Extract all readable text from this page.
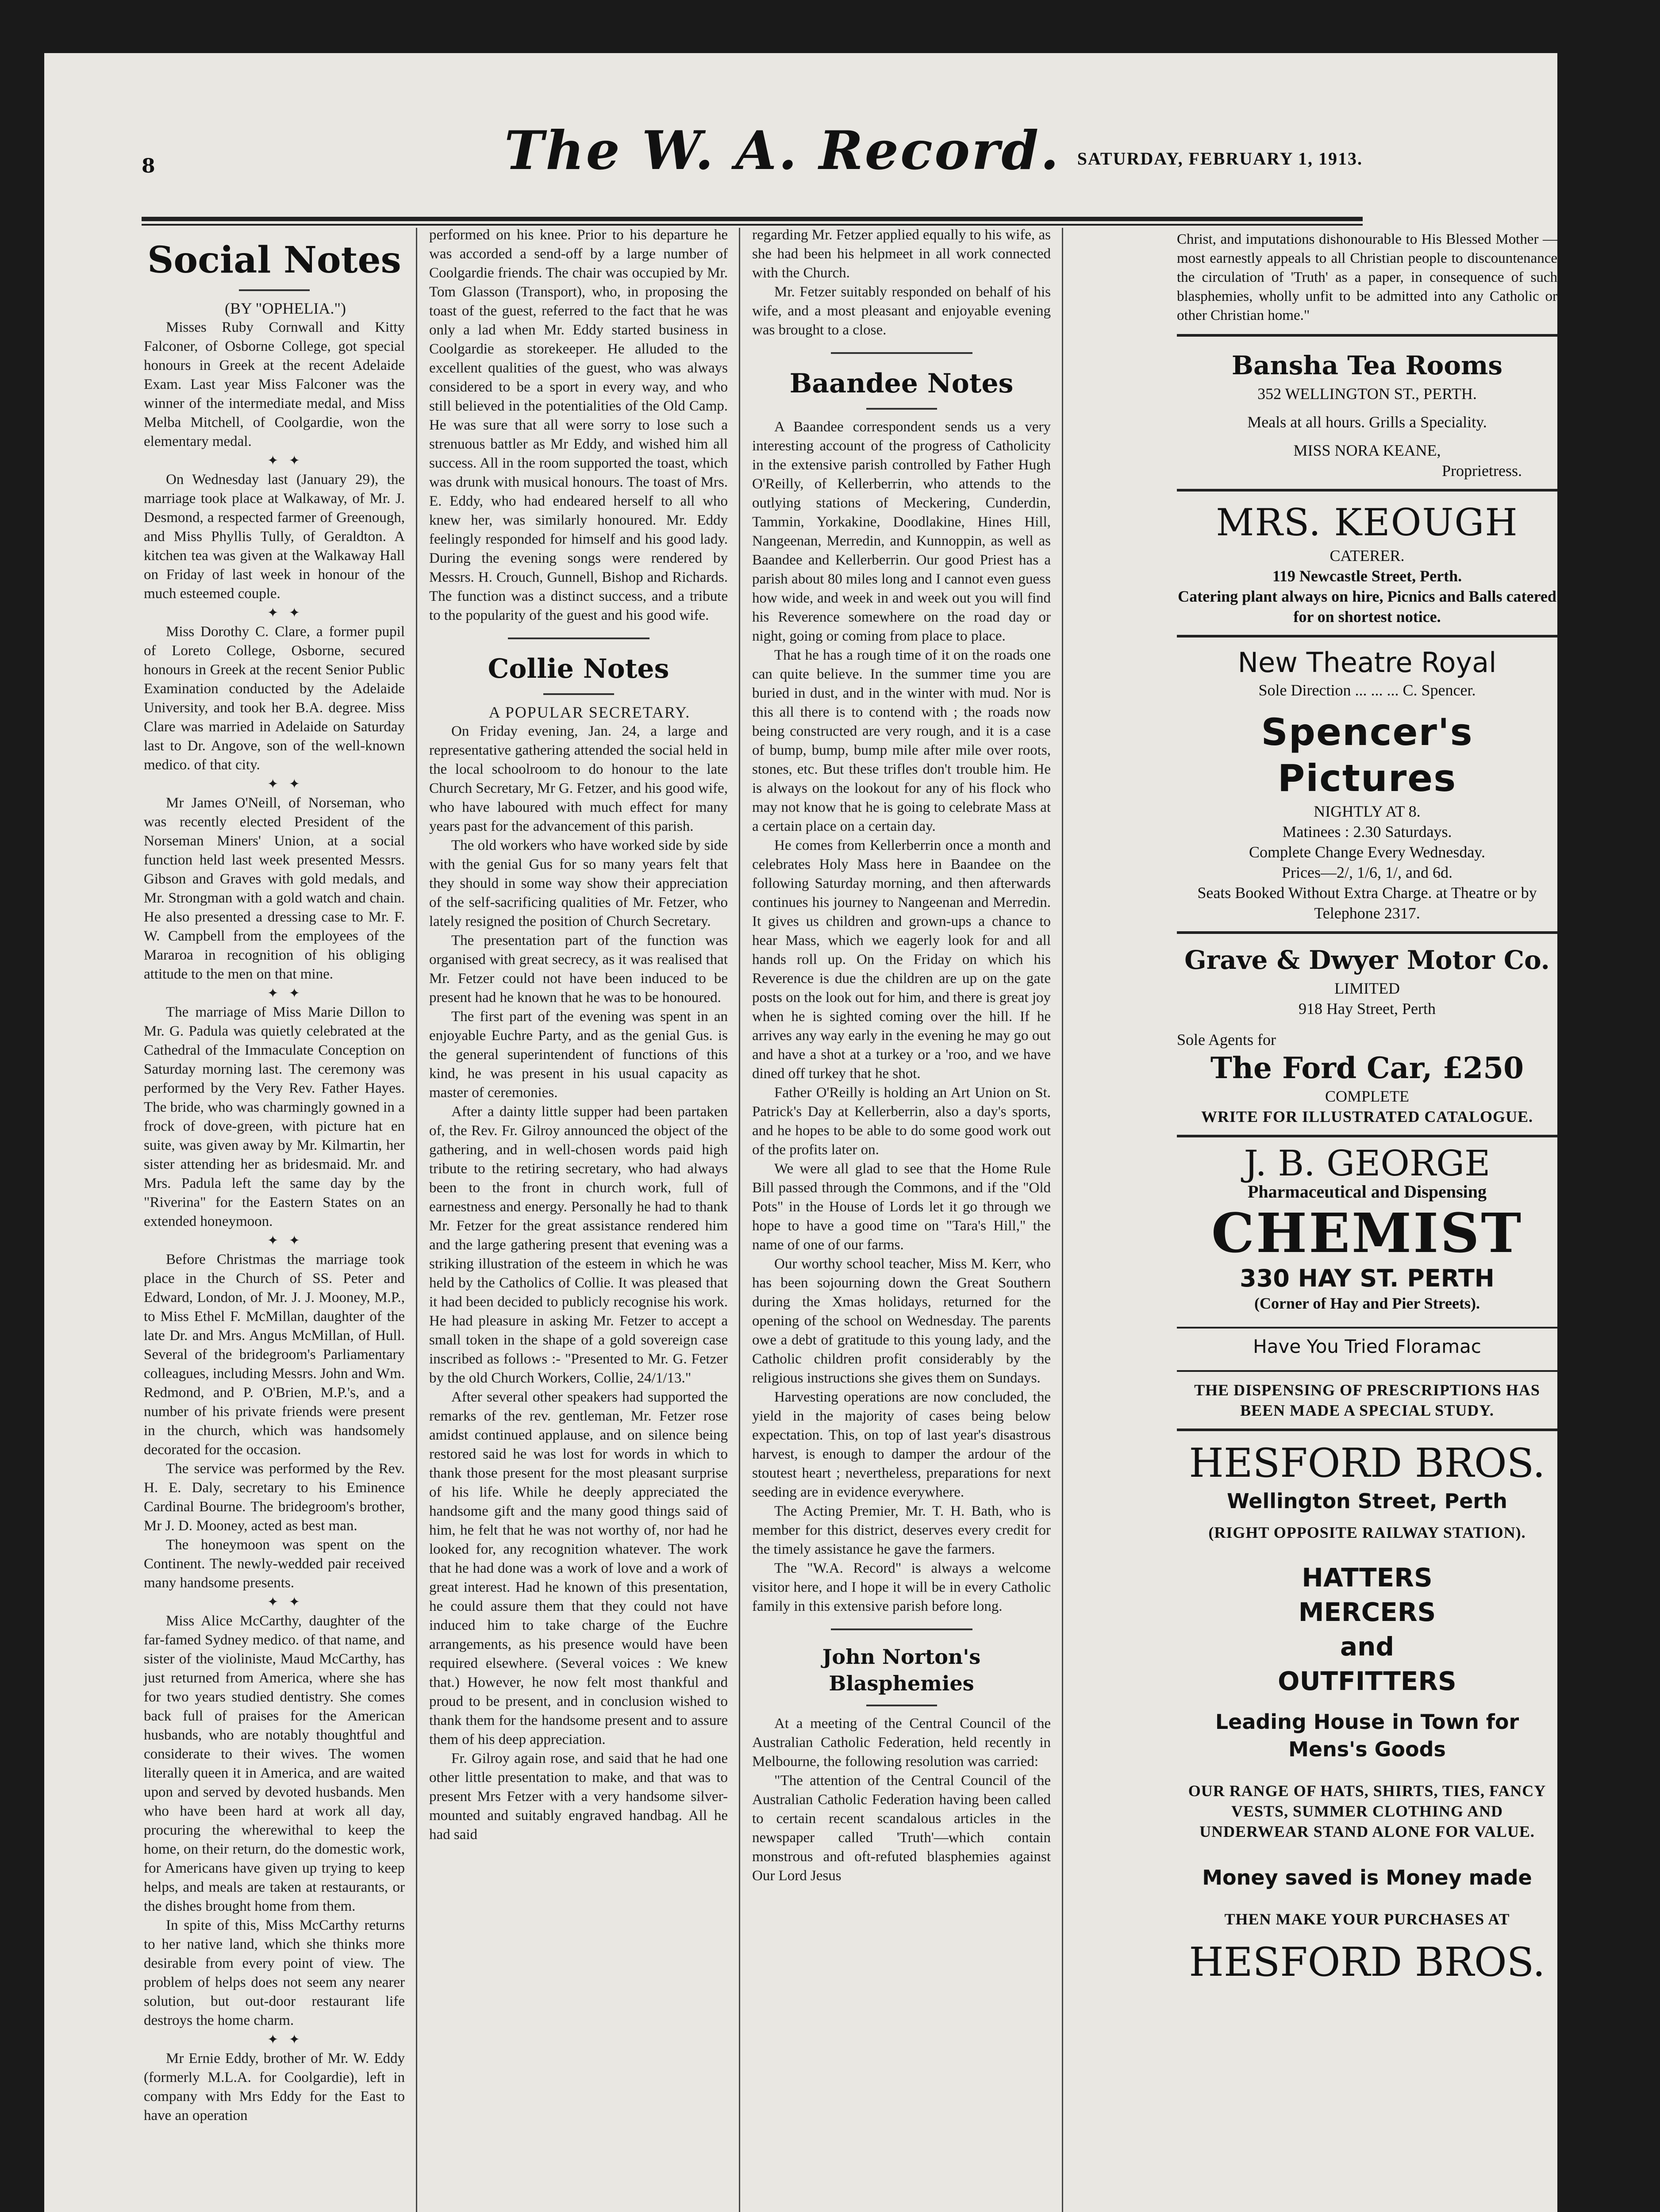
8	The W. A. Record. SATURDAY, FEBRUARY 1, 1913.
Social Notes

(BY "OPHELIA.")

Misses Ruby Cornwall and Kitty Falconer, of Osborne College, got special honours in Greek at the recent Adelaide Exam. Last year Miss Falconer was the winner of the intermediate medal, and Miss Melba Mitchell, of Coolgardie, won the elementary medal.

✦ ✦

On Wednesday last (January 29), the marriage took place at Walkaway, of Mr. J. Desmond, a respected farmer of Greenough, and Miss Phyllis Tully, of Geraldton. A kitchen tea was given at the Walkaway Hall on Friday of last week in honour of the much esteemed couple.

✦ ✦

Miss Dorothy C. Clare, a former pupil of Loreto College, Osborne, secured honours in Greek at the recent Senior Public Examination conducted by the Adelaide University, and took her B.A. degree. Miss Clare was married in Adelaide on Saturday last to Dr. Angove, son of the well-known medico. of that city.

✦ ✦

Mr James O'Neill, of Norseman, who was recently elected President of the Norseman Miners' Union, at a social function held last week presented Messrs. Gibson and Graves with gold medals, and Mr. Strongman with a gold watch and chain. He also presented a dressing case to Mr. F. W. Campbell from the employees of the Mararoa in recognition of his obliging attitude to the men on that mine.

✦ ✦

The marriage of Miss Marie Dillon to Mr. G. Padula was quietly celebrated at the Cathedral of the Immaculate Conception on Saturday morning last. The ceremony was performed by the Very Rev. Father Hayes. The bride, who was charmingly gowned in a frock of dove-green, with picture hat en suite, was given away by Mr. Kilmartin, her sister attending her as bridesmaid. Mr. and Mrs. Padula left the same day by the "Riverina" for the Eastern States on an extended honeymoon.

✦ ✦

Before Christmas the marriage took place in the Church of SS. Peter and Edward, London, of Mr. J. J. Mooney, M.P., to Miss Ethel F. McMillan, daughter of the late Dr. and Mrs. Angus McMillan, of Hull. Several of the bridegroom's Parliamentary colleagues, including Messrs. John and Wm. Redmond, and P. O'Brien, M.P.'s, and a number of his private friends were present in the church, which was handsomely decorated for the occasion.

The service was performed by the Rev. H. E. Daly, secretary to his Eminence Cardinal Bourne. The bridegroom's brother, Mr J. D. Mooney, acted as best man.

The honeymoon was spent on the Continent. The newly-wedded pair received many handsome presents.

✦ ✦

Miss Alice McCarthy, daughter of the far-famed Sydney medico. of that name, and sister of the violiniste, Maud McCarthy, has just returned from America, where she has for two years studied dentistry. She comes back full of praises for the American husbands, who are notably thoughtful and considerate to their wives. The women literally queen it in America, and are waited upon and served by devoted husbands. Men who have been hard at work all day, procuring the wherewithal to keep the home, on their return, do the domestic work, for Americans have given up trying to keep helps, and meals are taken at restaurants, or the dishes brought home from them.

In spite of this, Miss McCarthy returns to her native land, which she thinks more desirable from every point of view. The problem of helps does not seem any nearer solution, but out-door restaurant life destroys the home charm.

✦ ✦

Mr Ernie Eddy, brother of Mr. W. Eddy (formerly M.L.A. for Coolgardie), left in company with Mrs Eddy for the East to have an operation

performed on his knee. Prior to his departure he was accorded a send-off by a large number of Coolgardie friends. The chair was occupied by Mr. Tom Glasson (Transport), who, in proposing the toast of the guest, referred to the fact that he was only a lad when Mr. Eddy started business in Coolgardie as storekeeper. He alluded to the excellent qualities of the guest, who was always considered to be a sport in every way, and who still believed in the potentialities of the Old Camp. He was sure that all were sorry to lose such a strenuous battler as Mr Eddy, and wished him all success. All in the room supported the toast, which was drunk with musical honours. The toast of Mrs. E. Eddy, who had endeared herself to all who knew her, was similarly honoured. Mr. Eddy feelingly responded for himself and his good lady. During the evening songs were rendered by Messrs. H. Crouch, Gunnell, Bishop and Richards. The function was a distinct success, and a tribute to the popularity of the guest and his good wife.

Collie Notes

A POPULAR SECRETARY.

On Friday evening, Jan. 24, a large and representative gathering attended the social held in the local schoolroom to do honour to the late Church Secretary, Mr G. Fetzer, and his good wife, who have laboured with much effect for many years past for the advancement of this parish.

The old workers who have worked side by side with the genial Gus for so many years felt that they should in some way show their appreciation of the self-sacrificing qualities of Mr. Fetzer, who lately resigned the position of Church Secretary.

The presentation part of the function was organised with great secrecy, as it was realised that Mr. Fetzer could not have been induced to be present had he known that he was to be honoured.

The first part of the evening was spent in an enjoyable Euchre Party, and as the genial Gus. is the general superintendent of functions of this kind, he was present in his usual capacity as master of ceremonies.

After a dainty little supper had been partaken of, the Rev. Fr. Gilroy announced the object of the gathering, and in well-chosen words paid high tribute to the retiring secretary, who had always been to the front in church work, full of earnestness and energy. Personally he had to thank Mr. Fetzer for the great assistance rendered him and the large gathering present that evening was a striking illustration of the esteem in which he was held by the Catholics of Collie. It was pleased that it had been decided to publicly recognise his work. He had pleasure in asking Mr. Fetzer to accept a small token in the shape of a gold sovereign case inscribed as follows :- "Presented to Mr. G. Fetzer by the old Church Workers, Collie, 24/1/13."

After several other speakers had supported the remarks of the rev. gentleman, Mr. Fetzer rose amidst continued applause, and on silence being restored said he was lost for words in which to thank those present for the most pleasant surprise of his life. While he deeply appreciated the handsome gift and the many good things said of him, he felt that he was not worthy of, nor had he looked for, any recognition whatever. The work that he had done was a work of love and a work of great interest. Had he known of this presentation, he could assure them that they could not have induced him to take charge of the Euchre arrangements, as his presence would have been required elsewhere. (Several voices : We knew that.) However, he now felt most thankful and proud to be present, and in conclusion wished to thank them for the handsome present and to assure them of his deep appreciation.

Fr. Gilroy again rose, and said that he had one other little presentation to make, and that was to present Mrs Fetzer with a very handsome silver-mounted and suitably engraved handbag. All he had said

regarding Mr. Fetzer applied equally to his wife, as she had been his helpmeet in all work connected with the Church.

Mr. Fetzer suitably responded on behalf of his wife, and a most pleasant and enjoyable evening was brought to a close.

Baandee Notes

A Baandee correspondent sends us a very interesting account of the progress of Catholicity in the extensive parish controlled by Father Hugh O'Reilly, of Kellerberrin, who attends to the outlying stations of Meckering, Cunderdin, Tammin, Yorkakine, Doodlakine, Hines Hill, Nangeenan, Merredin, and Kunnoppin, as well as Baandee and Kellerberrin. Our good Priest has a parish about 80 miles long and I cannot even guess how wide, and week in and week out you will find his Reverence somewhere on the road day or night, going or coming from place to place.

That he has a rough time of it on the roads one can quite believe. In the summer time you are buried in dust, and in the winter with mud. Nor is this all there is to contend with ; the roads now being constructed are very rough, and it is a case of bump, bump, bump mile after mile over roots, stones, etc. But these trifles don't trouble him. He is always on the lookout for any of his flock who may not know that he is going to celebrate Mass at a certain place on a certain day.

He comes from Kellerberrin once a month and celebrates Holy Mass here in Baandee on the following Saturday morning, and then afterwards continues his journey to Nangeenan and Merredin. It gives us children and grown-ups a chance to hear Mass, which we eagerly look for and all hands roll up. On the Friday on which his Reverence is due the children are up on the gate posts on the look out for him, and there is great joy when he is sighted coming over the hill. If he arrives any way early in the evening he may go out and have a shot at a turkey or a 'roo, and we have dined off turkey that he shot.

Father O'Reilly is holding an Art Union on St. Patrick's Day at Kellerberrin, also a day's sports, and he hopes to be able to do some good work out of the profits later on.

We were all glad to see that the Home Rule Bill passed through the Commons, and if the "Old Pots" in the House of Lords let it go through we hope to have a good time on "Tara's Hill," the name of one of our farms.

Our worthy school teacher, Miss M. Kerr, who has been sojourning down the Great Southern during the Xmas holidays, returned for the opening of the school on Wednesday. The parents owe a debt of gratitude to this young lady, and the Catholic children profit considerably by the religious instructions she gives them on Sundays.

Harvesting operations are now concluded, the yield in the majority of cases being below expectation. This, on top of last year's disastrous harvest, is enough to damper the ardour of the stoutest heart ; nevertheless, preparations for next seeding are in evidence everywhere.

The Acting Premier, Mr. T. H. Bath, who is member for this district, deserves every credit for the timely assistance he gave the farmers.

The "W.A. Record" is always a welcome visitor here, and I hope it will be in every Catholic family in this extensive parish before long.

John Norton's Blasphemies

At a meeting of the Central Council of the Australian Catholic Federation, held recently in Melbourne, the following resolution was carried:

"The attention of the Central Council of the Australian Catholic Federation having been called to certain recent scandalous articles in the newspaper called 'Truth'—which contain monstrous and oft-refuted blasphemies against Our Lord Jesus

Christ, and imputations dishonourable to His Blessed Mother — most earnestly appeals to all Christian people to discountenance the circulation of 'Truth' as a paper, in consequence of such blasphemies, wholly unfit to be admitted into any Catholic or other Christian home."

Bansha Tea Rooms
352 WELLINGTON ST., PERTH.
Meals at all hours. Grills a Speciality.
MISS NORA KEANE,
Proprietress.
MRS. KEOUGH
CATERER.
119 Newcastle Street, Perth.
Catering plant always on hire, Picnics and Balls catered for on shortest notice.
New Theatre Royal
Sole Direction ... ... ... C. Spencer.
Spencer's Pictures
NIGHTLY AT 8.
Matinees : 2.30 Saturdays.
Complete Change Every Wednesday.
Prices—2/, 1/6, 1/, and 6d.
Seats Booked Without Extra Charge. at Theatre or by Telephone 2317.
Grave & Dwyer Motor Co.
LIMITED
918 Hay Street, Perth
Sole Agents for
The Ford Car, £250
COMPLETE
WRITE FOR ILLUSTRATED CATALOGUE.
J. B. GEORGE
Pharmaceutical and Dispensing
CHEMIST
330 HAY ST. PERTH
(Corner of Hay and Pier Streets).
Have You Tried Floramac
THE DISPENSING OF PRESCRIPTIONS HAS BEEN MADE A SPECIAL STUDY.
HESFORD BROS.
Wellington Street, Perth
(RIGHT OPPOSITE RAILWAY STATION).
HATTERS
MERCERS
and
OUTFITTERS
Leading House in Town for Mens's Goods
OUR RANGE OF HATS, SHIRTS, TIES, FANCY VESTS, SUMMER CLOTHING AND UNDERWEAR STAND ALONE FOR VALUE.
Money saved is Money made
THEN MAKE YOUR PURCHASES AT
HESFORD BROS.
